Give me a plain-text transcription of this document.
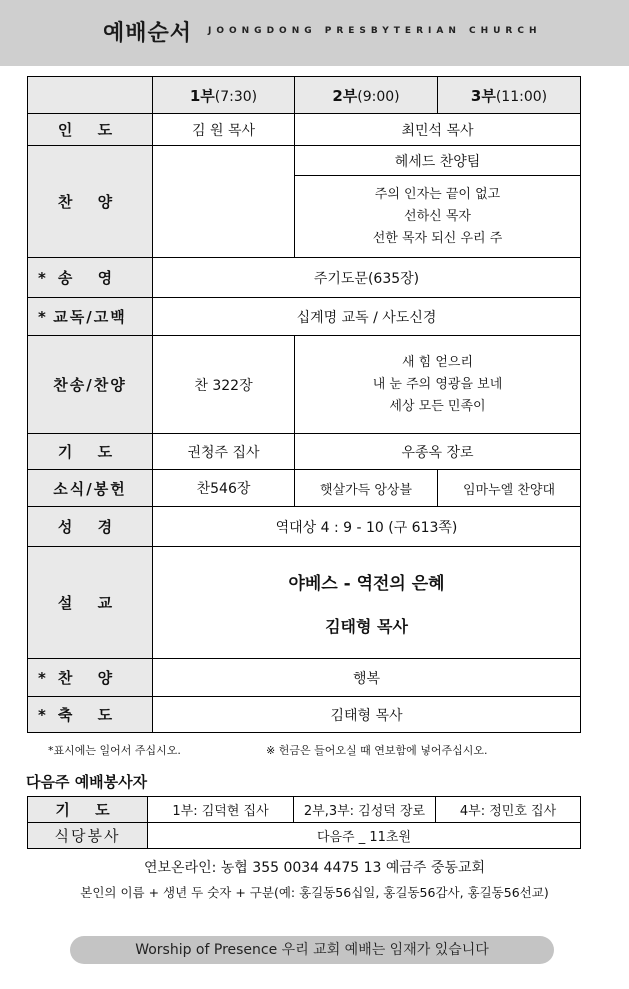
예배순서 JOONGDONG PRESBYTERIAN CHURCH
	1부(7:30)	2부(9:00)	3부(11:00)
인 도	김 원 목사	최민석 목사	
찬 양		헤세드 찬양팀	

		주의 인자는 끝이 없고
선하신 목자
선한 목자 되신 우리 주	

* 송 영	주기도문(635장)		

* 교독/고백	십계명 교독 / 사도신경		
찬송/찬양	찬 322장	새 힘 얻으리
내 눈 주의 영광을 보네
세상 모든 민족이	

기 도	권청주 집사	우종옥 장로	
소식/봉헌	찬546장	햇살가득 앙상블	임마누엘 찬양대
성 경	역대상 4 : 9 - 10 (구 613쪽)		
설 교	야베스 - 역전의 은혜
김태형 목사		

* 찬 양	행복		

* 축 도	김태형 목사		
*표시에는 일어서 주십시오.	※ 헌금은 들어오실 때 연보함에 넣어주십시오.
다음주 예배봉사자
기 도	1부: 김덕현 집사	2부,3부: 김성덕 장로	4부: 정민호 집사
식당봉사	다음주 _ 11초원		
연보온라인: 농협 355 0034 4475 13 예금주 중동교회
본인의 이름 + 생년 두 숫자 + 구분(예: 홍길동56십일, 홍길동56감사, 홍길동56선교)
Worship of Presence 우리 교회 예배는 임재가 있습니다
